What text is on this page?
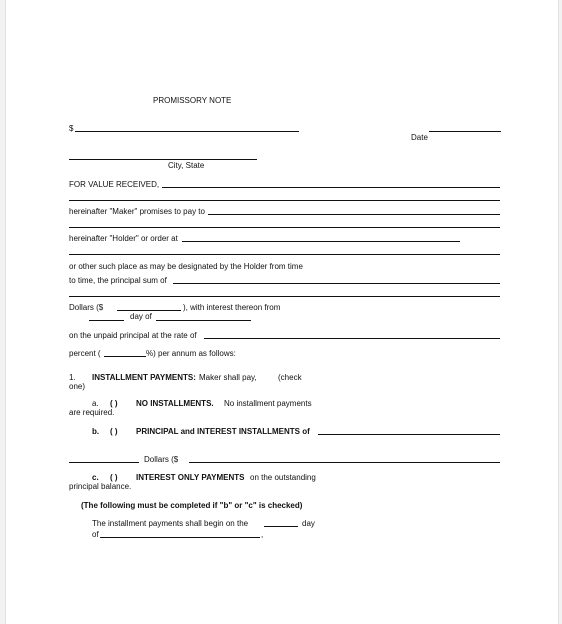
PROMISSORY NOTE
$
Date
City, State
FOR VALUE RECEIVED,
hereinafter "Maker" promises to pay to
hereinafter "Holder" or order at
or other such place as may be designated by the Holder from time
to time, the principal sum of
Dollars ($	), with interest thereon from
day of
on the unpaid principal at the rate of
percent (	%) per annum as follows:
1. INSTALLMENT PAYMENTS: Maker shall pay,	(check
one)
a. ( ) NO INSTALLMENTS. No installment payments
are required.
b. ( ) PRINCIPAL and INTEREST INSTALLMENTS of
Dollars ($
c. ( ) INTEREST ONLY PAYMENTS on the outstanding
principal balance.
(The following must be completed if "b" or "c" is checked)
The installment payments shall begin on the	day
of	,
